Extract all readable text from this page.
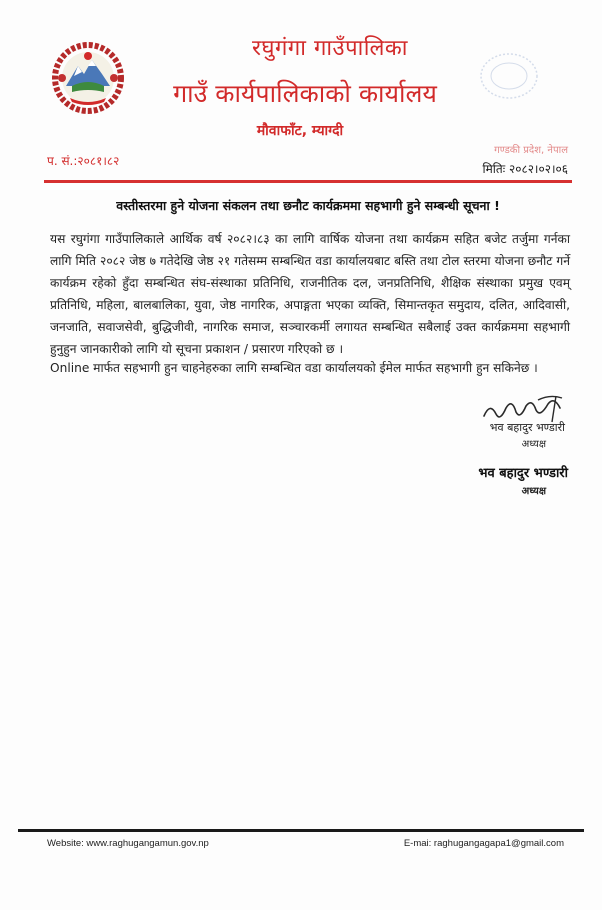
रघुगंगा गाउँपालिका
गाउँ कार्यपालिकाको कार्यालय
मौवाफाँट, म्याग्दी
प. सं.:२०८१।८२
गण्डकी प्रदेश, नेपाल
मितिः २०८२।०२।०६
वस्तीस्तरमा हुने योजना संकलन तथा छनौट कार्यक्रममा सहभागी हुने सम्बन्धी सूचना !
यस रघुगंगा गाउँपालिकाले आर्थिक वर्ष २०८२।८३ का लागि वार्षिक योजना तथा कार्यक्रम सहित बजेट तर्जुमा गर्नका लागि मिति २०८२ जेष्ठ ७ गतेदेखि जेष्ठ २१ गतेसम्म सम्बन्धित वडा कार्यालयबाट बस्ति तथा टोल स्तरमा योजना छनौट गर्ने कार्यक्रम रहेको हुँदा सम्बन्धित संघ-संस्थाका प्रतिनिधि, राजनीतिक दल, जनप्रतिनिधि, शैक्षिक संस्थाका प्रमुख एवम् प्रतिनिधि, महिला, बालबालिका, युवा, जेष्ठ नागरिक, अपाङ्गता भएका व्यक्ति, सिमान्तकृत समुदाय, दलित, आदिवासी, जनजाति, सवाजसेवी, बुद्धिजीवी, नागरिक समाज, सञ्चारकर्मी लगायत सम्बन्धित सबैलाई उक्त कार्यक्रममा सहभागी हुनुहुन जानकारीको लागि यो सूचना प्रकाशन / प्रसारण गरिएको छ ।
Online मार्फत सहभागी हुन चाहनेहरुका लागि सम्बन्धित वडा कार्यालयको ईमेल मार्फत सहभागी हुन सकिनेछ ।
भव बहादुर भण्डारी
अध्यक्ष
भव बहादुर भण्डारी
अध्यक्ष
Website: www.raghugangamun.gov.np	E-mai: raghugangagapa1@gmail.com
